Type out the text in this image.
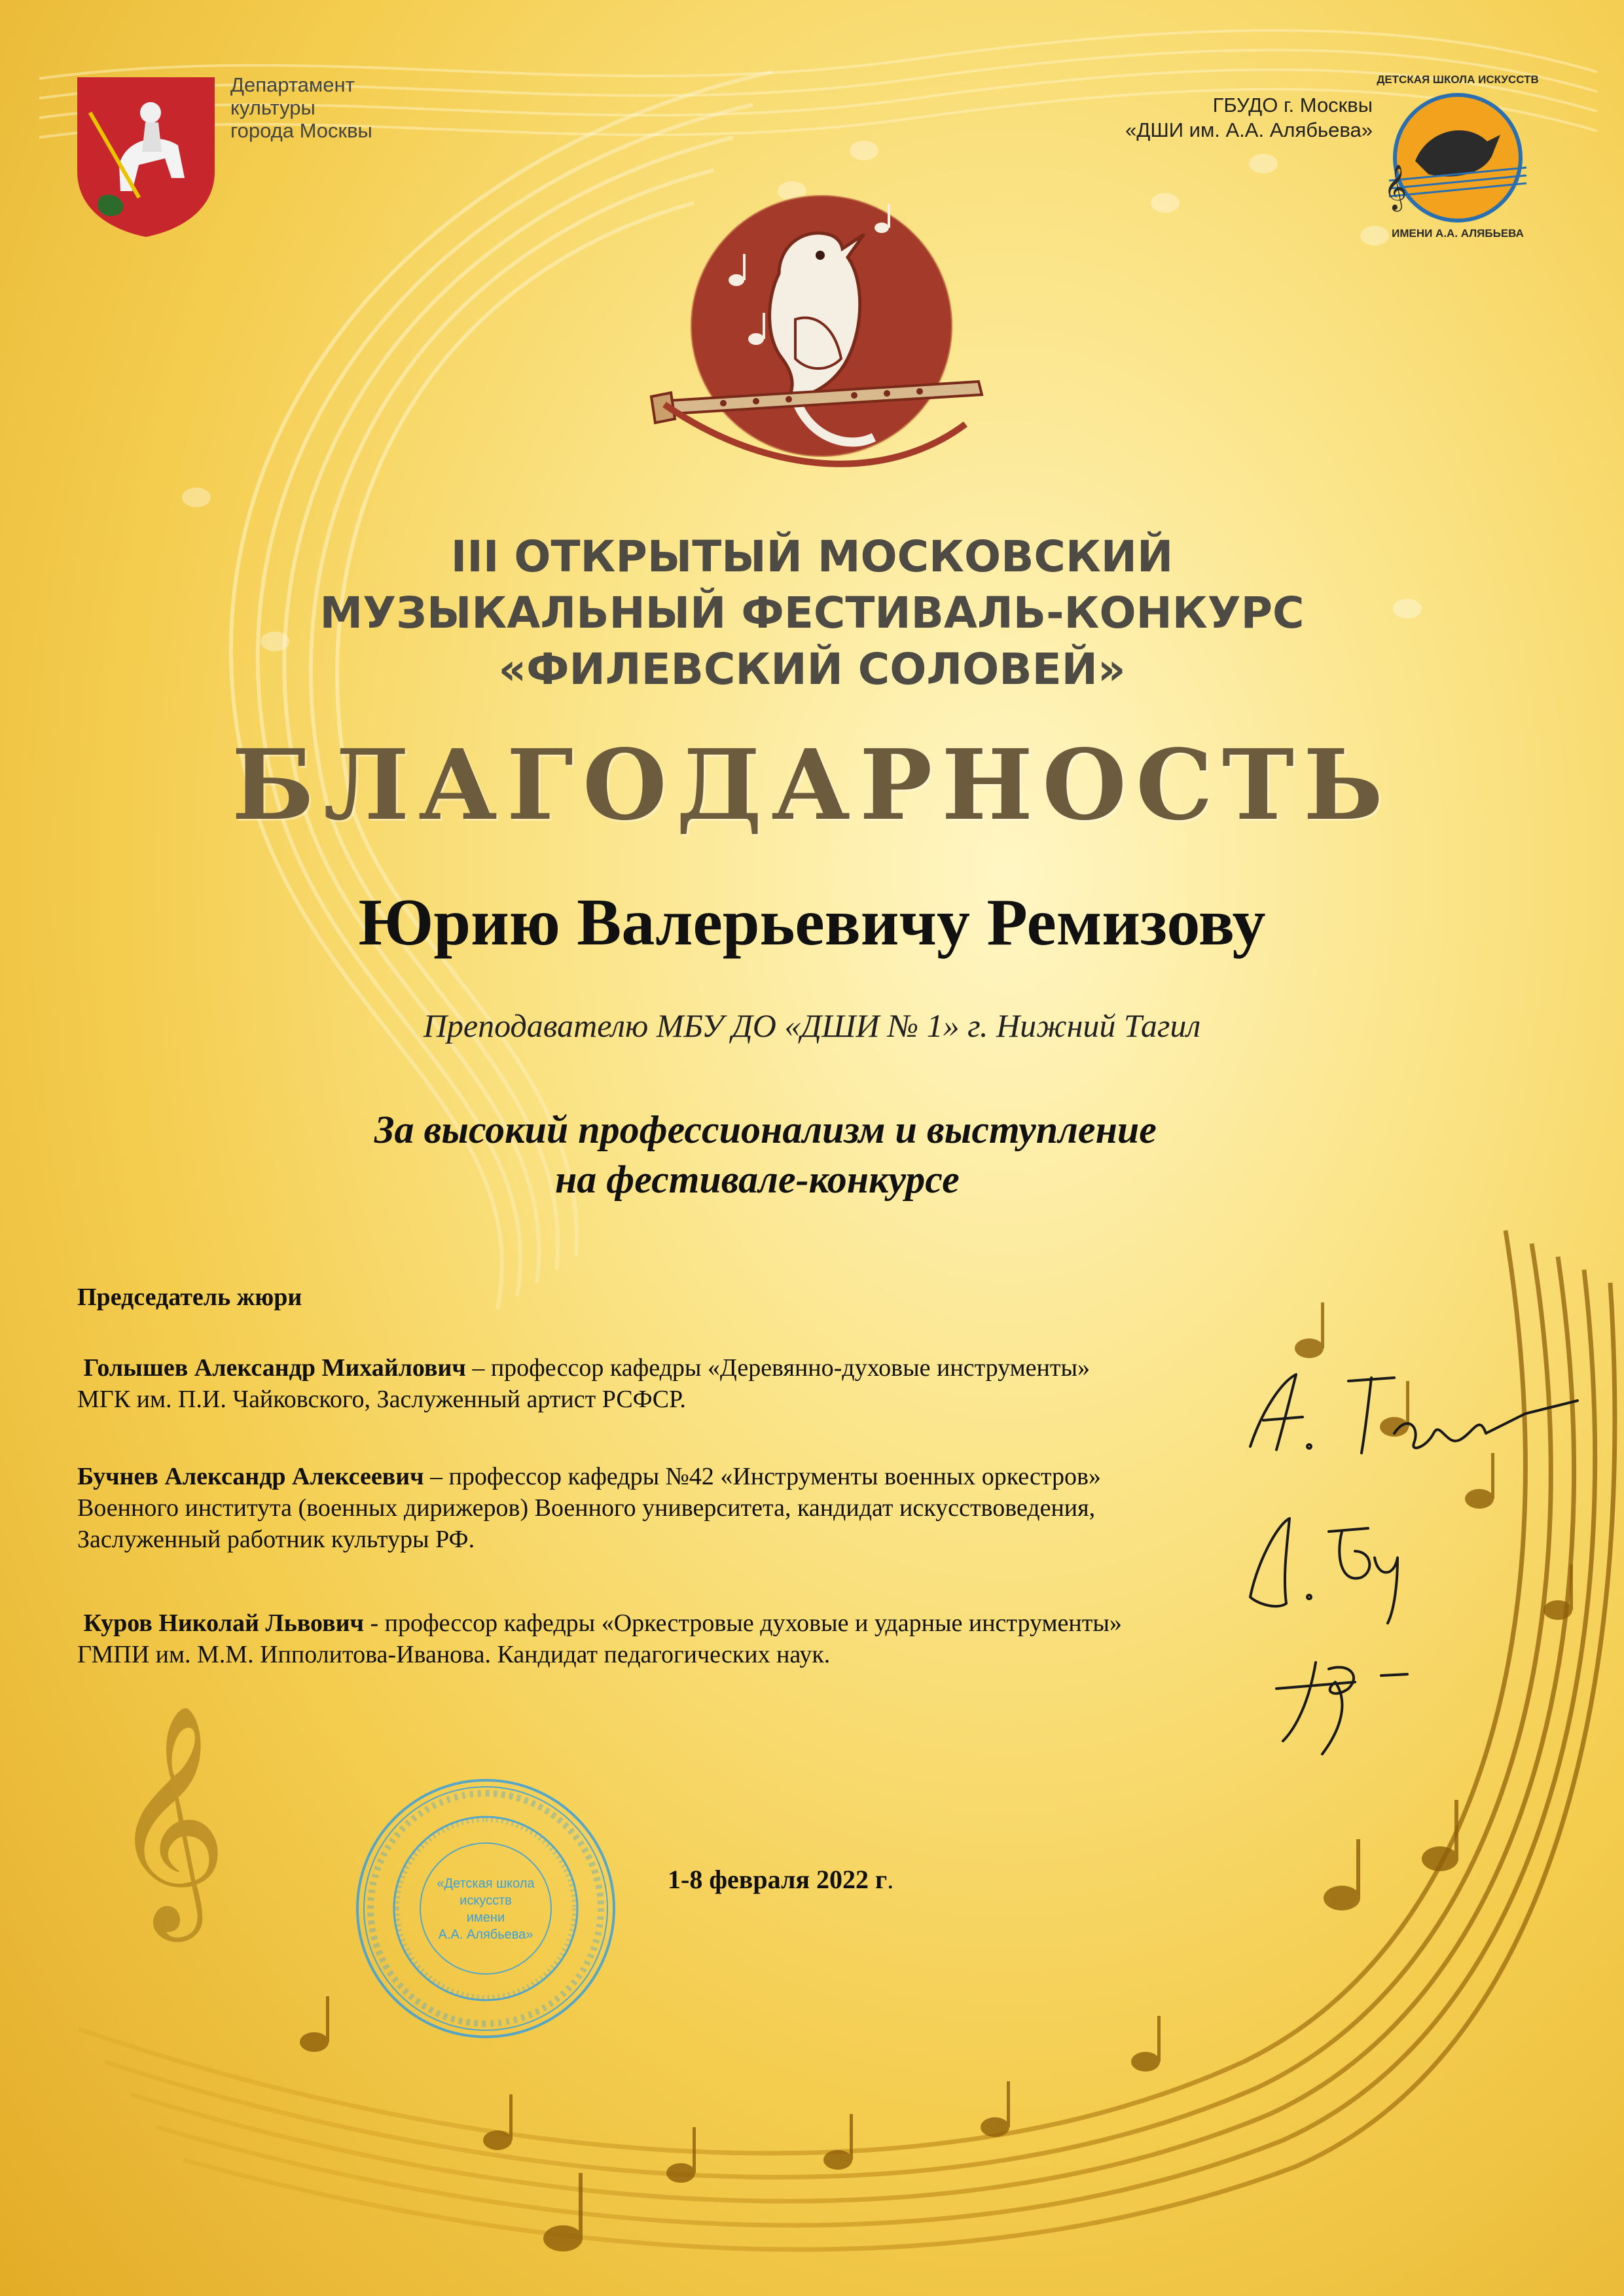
𝄞

Департамент
культуры
города Москвы

ГБУДО г. Москвы
«ДШИ им. А.А. Алябьева»

ДЕТСКАЯ ШКОЛА ИСКУССТВ
𝄞
ИМЕНИ А.А. АЛЯБЬЕВА
III ОТКРЫТЫЙ МОСКОВСКИЙ
МУЗЫКАЛЬНЫЙ ФЕСТИВАЛЬ-КОНКУРС
«ФИЛЕВСКИЙ СОЛОВЕЙ»
БЛАГОДАРНОСТЬ

Юрию Валерьевичу Ремизову

Преподавателю МБУ ДО «ДШИ № 1» г. Нижний Тагил

За высокий профессионализм и выступление
на фестивале-конкурсе

Председатель жюри

Голышев Александр Михайлович – профессор кафедры «Деревянно-духовые инструменты»
МГК им. П.И. Чайковского, Заслуженный артист РСФСР.

Бучнев Александр Алексеевич – профессор кафедры №42 «Инструменты военных оркестров»
Военного института (военных дирижеров) Военного университета, кандидат искусствоведения,
Заслуженный работник культуры РФ.

Куров Николай Львович - профессор кафедры «Оркестровые духовые и ударные инструменты»
ГМПИ им. М.М. Ипполитова-Иванова. Кандидат педагогических наук.

«Детская школа
искусств
имени
А.А. Алябьева»

1-8 февраля 2022 г.
